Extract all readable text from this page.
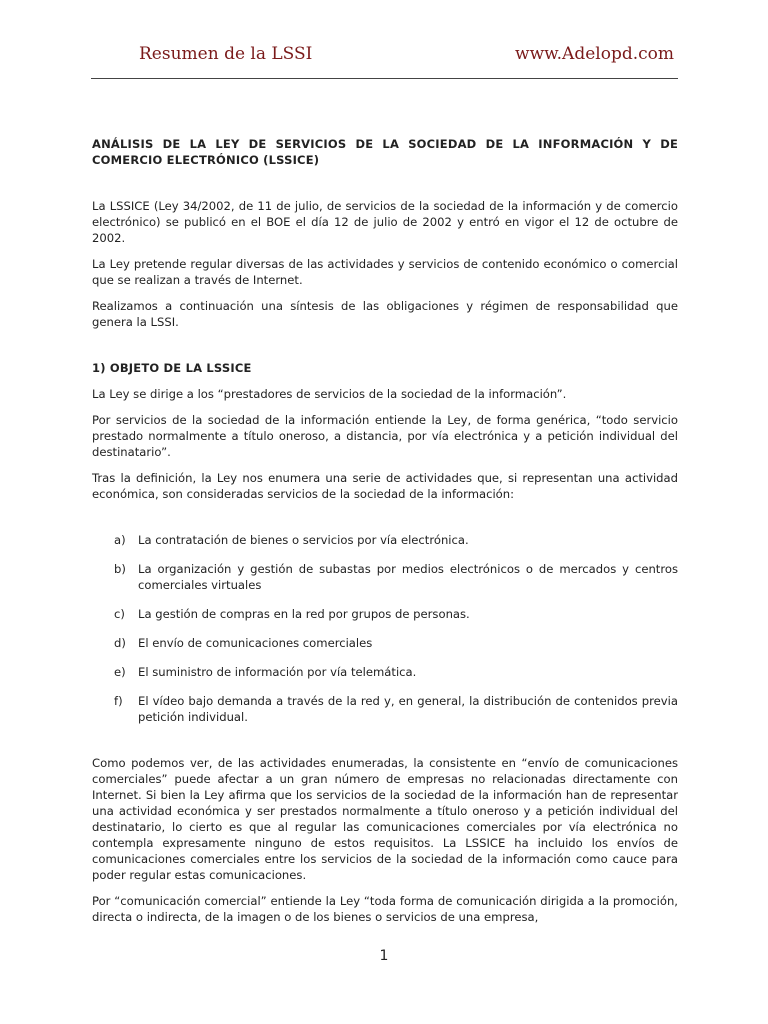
Resumen de la LSSI	www.Adelopd.com
ANÁLISIS DE LA LEY DE SERVICIOS DE LA SOCIEDAD DE LA INFORMACIÓN Y DE COMERCIO ELECTRÓNICO (LSSICE)

La LSSICE (Ley 34/2002, de 11 de julio, de servicios de la sociedad de la información y de comercio electrónico) se publicó en el BOE el día 12 de julio de 2002 y entró en vigor el 12 de octubre de 2002.

La Ley pretende regular diversas de las actividades y servicios de contenido económico o comercial que se realizan a través de Internet.

Realizamos a continuación una síntesis de las obligaciones y régimen de responsabilidad que genera la LSSI.

1) OBJETO DE LA LSSICE

La Ley se dirige a los “prestadores de servicios de la sociedad de la información”.

Por servicios de la sociedad de la información entiende la Ley, de forma genérica, “todo servicio prestado normalmente a título oneroso, a distancia, por vía electrónica y a petición individual del destinatario”.

Tras la definición, la Ley nos enumera una serie de actividades que, si representan una actividad económica, son consideradas servicios de la sociedad de la información:

a)	La contratación de bienes o servicios por vía electrónica.
b)	La organización y gestión de subastas por medios electrónicos o de mercados y centros comerciales virtuales
c)	La gestión de compras en la red por grupos de personas.
d)	El envío de comunicaciones comerciales
e)	El suministro de información por vía telemática.
f)	El vídeo bajo demanda a través de la red y, en general, la distribución de contenidos previa petición individual.

Como podemos ver, de las actividades enumeradas, la consistente en “envío de comunicaciones comerciales” puede afectar a un gran número de empresas no relacionadas directamente con Internet. Si bien la Ley afirma que los servicios de la sociedad de la información han de representar una actividad económica y ser prestados normalmente a título oneroso y a petición individual del destinatario, lo cierto es que al regular las comunicaciones comerciales por vía electrónica no contempla expresamente ninguno de estos requisitos. La LSSICE ha incluido los envíos de comunicaciones comerciales entre los servicios de la sociedad de la información como cauce para poder regular estas comunicaciones.

Por “comunicación comercial” entiende la Ley “toda forma de comunicación dirigida a la promoción, directa o indirecta, de la imagen o de los bienes o servicios de una empresa,

1
